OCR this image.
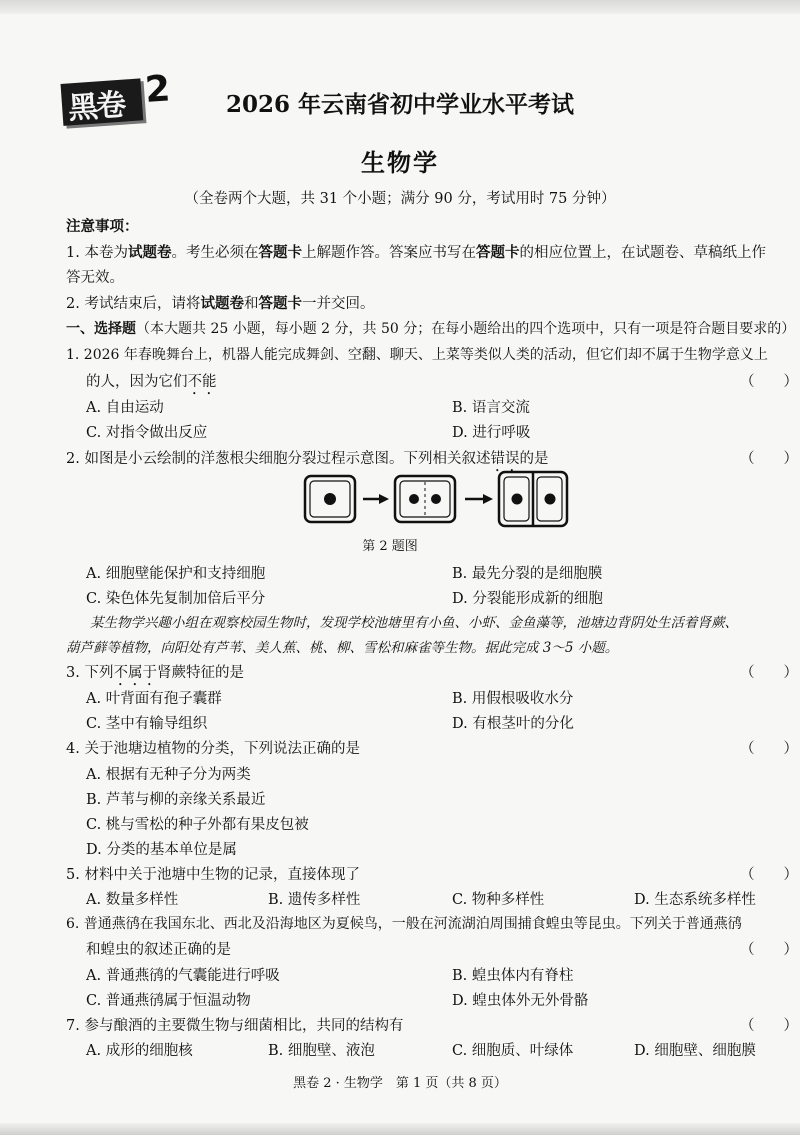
黑卷 2	2026 年云南省初中学业水平考试
生物学
（全卷两个大题，共 31 个小题；满分 90 分，考试用时 75 分钟）
注意事项：
1. 本卷为试题卷。考生必须在答题卡上解题作答。答案应书写在答题卡的相应位置上，在试题卷、草稿纸上作
答无效。
2. 考试结束后，请将试题卷和答题卡一并交回。
一、选择题（本大题共 25 小题，每小题 2 分，共 50 分；在每小题给出的四个选项中，只有一项是符合题目要求的）
1. 2026 年春晚舞台上，机器人能完成舞剑、空翻、聊天、上菜等类似人类的活动，但它们却不属于生物学意义上
的人，因为它们不能	（　　）
A. 自由运动	B. 语言交流
C. 对指令做出反应	D. 进行呼吸
2. 如图是小云绘制的洋葱根尖细胞分裂过程示意图。下列相关叙述错误的是	（　　）
第 2 题图
A. 细胞壁能保护和支持细胞	B. 最先分裂的是细胞膜
C. 染色体先复制加倍后平分	D. 分裂能形成新的细胞
某生物学兴趣小组在观察校园生物时，发现学校池塘里有小鱼、小虾、金鱼藻等，池塘边背阴处生活着肾蕨、
葫芦藓等植物，向阳处有芦苇、美人蕉、桃、柳、雪松和麻雀等生物。据此完成 3～5 小题。
3. 下列不属于肾蕨特征的是	（　　）
A. 叶背面有孢子囊群	B. 用假根吸收水分
C. 茎中有输导组织	D. 有根茎叶的分化
4. 关于池塘边植物的分类，下列说法正确的是	（　　）
A. 根据有无种子分为两类
B. 芦苇与柳的亲缘关系最近
C. 桃与雪松的种子外都有果皮包被
D. 分类的基本单位是属
5. 材料中关于池塘中生物的记录，直接体现了	（　　）
A. 数量多样性	B. 遗传多样性	C. 物种多样性	D. 生态系统多样性
6. 普通燕鸻在我国东北、西北及沿海地区为夏候鸟，一般在河流湖泊周围捕食蝗虫等昆虫。下列关于普通燕鸻
和蝗虫的叙述正确的是	（　　）
A. 普通燕鸻的气囊能进行呼吸	B. 蝗虫体内有脊柱
C. 普通燕鸻属于恒温动物	D. 蝗虫体外无外骨骼
7. 参与酿酒的主要微生物与细菌相比，共同的结构有	（　　）
A. 成形的细胞核	B. 细胞壁、液泡	C. 细胞质、叶绿体	D. 细胞壁、细胞膜
黑卷 2 · 生物学　第 1 页（共 8 页）
